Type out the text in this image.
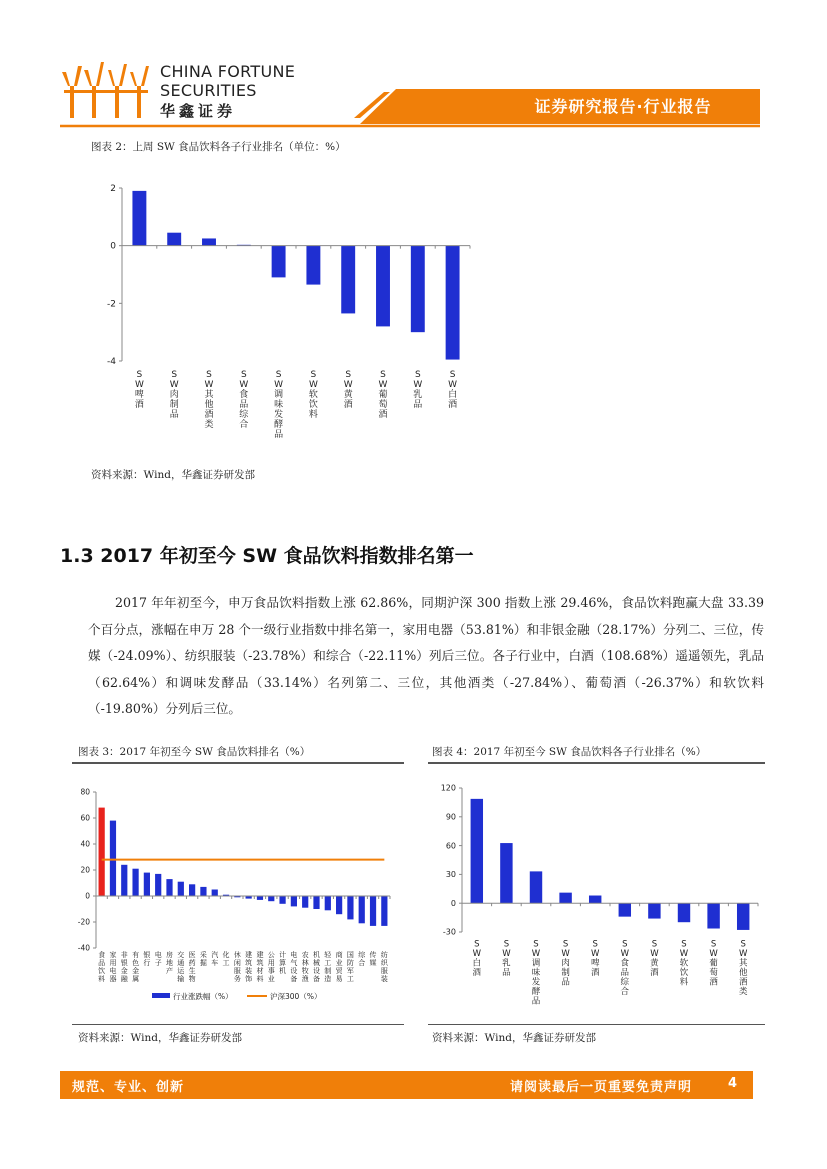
CHINA FORTUNE
SECURITIES
华鑫证券	证券研究报告·行业报告
图表 2：上周 SW 食品饮料各子行业排名（单位：%）
-4
-2
0
2
S
W
啤
酒
S
W
肉
制
品
S
W
其
他
酒
类
S
W
食
品
综
合
S
W
调
味
发
酵
品
S
W
软
饮
料
S
W
黄
酒
S
W
葡
萄
酒
S
W
乳
品
S
W
白
酒
资料来源：Wind，华鑫证券研发部
1.3 2017 年初至今 SW 食品饮料指数排名第一
2017 年年初至今，申万食品饮料指数上涨 62.86%，同期沪深 300 指数上涨 29.46%，食品饮料跑赢大盘 33.39 个百分点，涨幅在申万 28 个一级行业指数中排名第一，家用电器（53.81%）和非银金融（28.17%）分列二、三位，传媒（-24.09%）、纺织服装（-23.78%）和综合（-22.11%）列后三位。各子行业中，白酒（108.68%）遥遥领先，乳品（62.64%）和调味发酵品（33.14%）名列第二、三位，其他酒类（-27.84%）、葡萄酒（-26.37%）和软饮料（-19.80%）分列后三位。
图表 3：2017 年初至今 SW 食品饮料排名（%）
-40
-20
0
20
40
60
80
食
品
饮
料
家
用
电
器
非
银
金
融
有
色
金
属
银
行
电
子
房
地
产
交
通
运
输
医
药
生
物
采
掘
汽
车
化
工
休
闲
服
务
建
筑
装
饰
建
筑
材
料
公
用
事
业
计
算
机
电
气
设
备
农
林
牧
渔
机
械
设
备
轻
工
制
造
商
业
贸
易
国
防
军
工
综
合
传
媒
纺
织
服
装
行业涨跌幅（%）	沪深300（%）
资料来源：Wind，华鑫证券研发部
图表 4：2017 年初至今 SW 食品饮料各子行业排名（%）
-30
0
30
60
90
120
S
W
白
酒
S
W
乳
品
S
W
调
味
发
酵
品
S
W
肉
制
品
S
W
啤
酒
S
W
食
品
综
合
S
W
黄
酒
S
W
软
饮
料
S
W
葡
萄
酒
S
W
其
他
酒
类
资料来源：Wind，华鑫证券研发部
规范、专业、创新	请阅读最后一页重要免责声明	4
